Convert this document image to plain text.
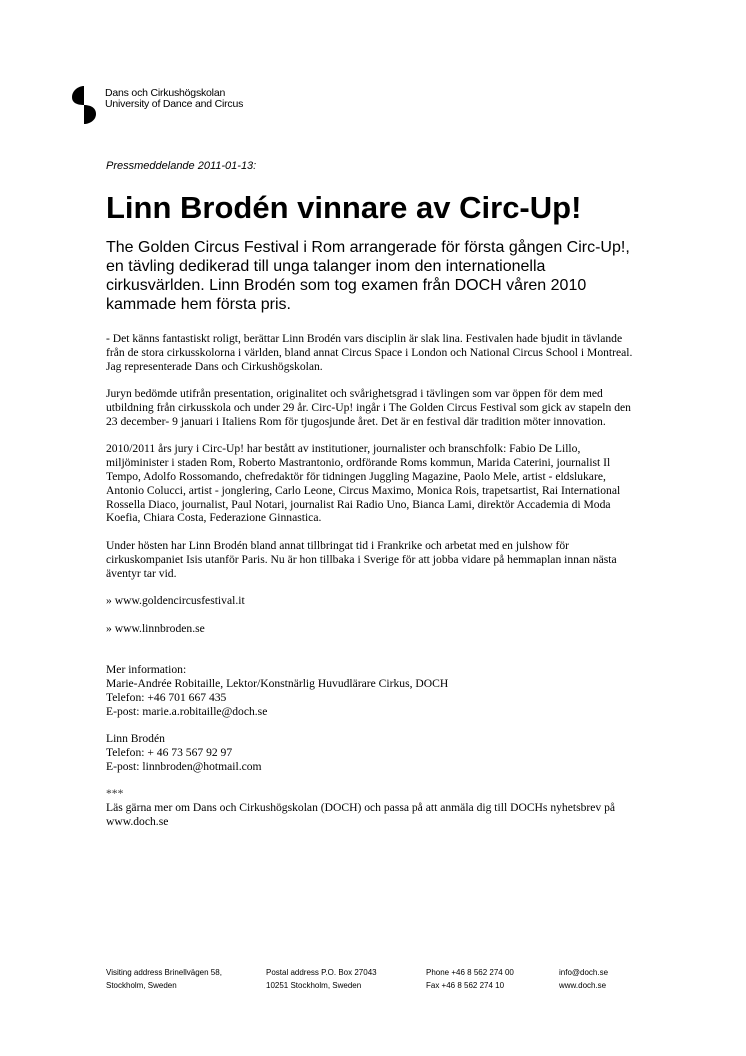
Dans och Cirkushögskolan
University of Dance and Circus
Pressmeddelande 2011-01-13:
Linn Brodén vinnare av Circ-Up!

The Golden Circus Festival i Rom arrangerade för första gången Circ-Up!, en tävling dedikerad till unga talanger inom den internationella cirkusvärlden. Linn Brodén som tog examen från DOCH våren 2010 kammade hem första pris.

- Det känns fantastiskt roligt, berättar Linn Brodén vars disciplin är slak lina. Festivalen hade bjudit in tävlande från de stora cirkusskolorna i världen, bland annat Circus Space i London och National Circus School i Montreal. Jag representerade Dans och Cirkushögskolan.

Juryn bedömde utifrån presentation, originalitet och svårighetsgrad i tävlingen som var öppen för dem med utbildning från cirkusskola och under 29 år. Circ-Up! ingår i The Golden Circus Festival som gick av stapeln den 23 december- 9 januari i Italiens Rom för tjugosjunde året. Det är en festival där tradition möter innovation.

2010/2011 års jury i Circ-Up! har bestått av institutioner, journalister och branschfolk: Fabio De Lillo, miljöminister i staden Rom, Roberto Mastrantonio, ordförande Roms kommun, Marida Caterini, journalist Il Tempo, Adolfo Rossomando, chefredaktör för tidningen Juggling Magazine, Paolo Mele, artist - eldslukare, Antonio Colucci, artist - jonglering, Carlo Leone, Circus Maximo, Monica Rois, trapetsartist, Rai International Rossella Diaco, journalist, Paul Notari, journalist Rai Radio Uno, Bianca Lami, direktör Accademia di Moda Koefia, Chiara Costa, Federazione Ginnastica.

Under hösten har Linn Brodén bland annat tillbringat tid i Frankrike och arbetat med en julshow för cirkuskompaniet Isis utanför Paris. Nu är hon tillbaka i Sverige för att jobba vidare på hemmaplan innan nästa äventyr tar vid.

» www.goldencircusfestival.it

» www.linnbroden.se

Mer information:
Marie-Andrée Robitaille, Lektor/Konstnärlig Huvudlärare Cirkus, DOCH
Telefon: +46 701 667 435
E-post: marie.a.robitaille@doch.se

Linn Brodén
Telefon: + 46 73 567 92 97
E-post: linnbroden@hotmail.com

***
Läs gärna mer om Dans och Cirkushögskolan (DOCH) och passa på att anmäla dig till DOCHs nyhetsbrev på www.doch.se

Visiting address Brinellvägen 58,
Stockholm, Sweden
Postal address P.O. Box 27043
10251 Stockholm, Sweden
Phone +46 8 562 274 00
Fax +46 8 562 274 10
info@doch.se
www.doch.se
